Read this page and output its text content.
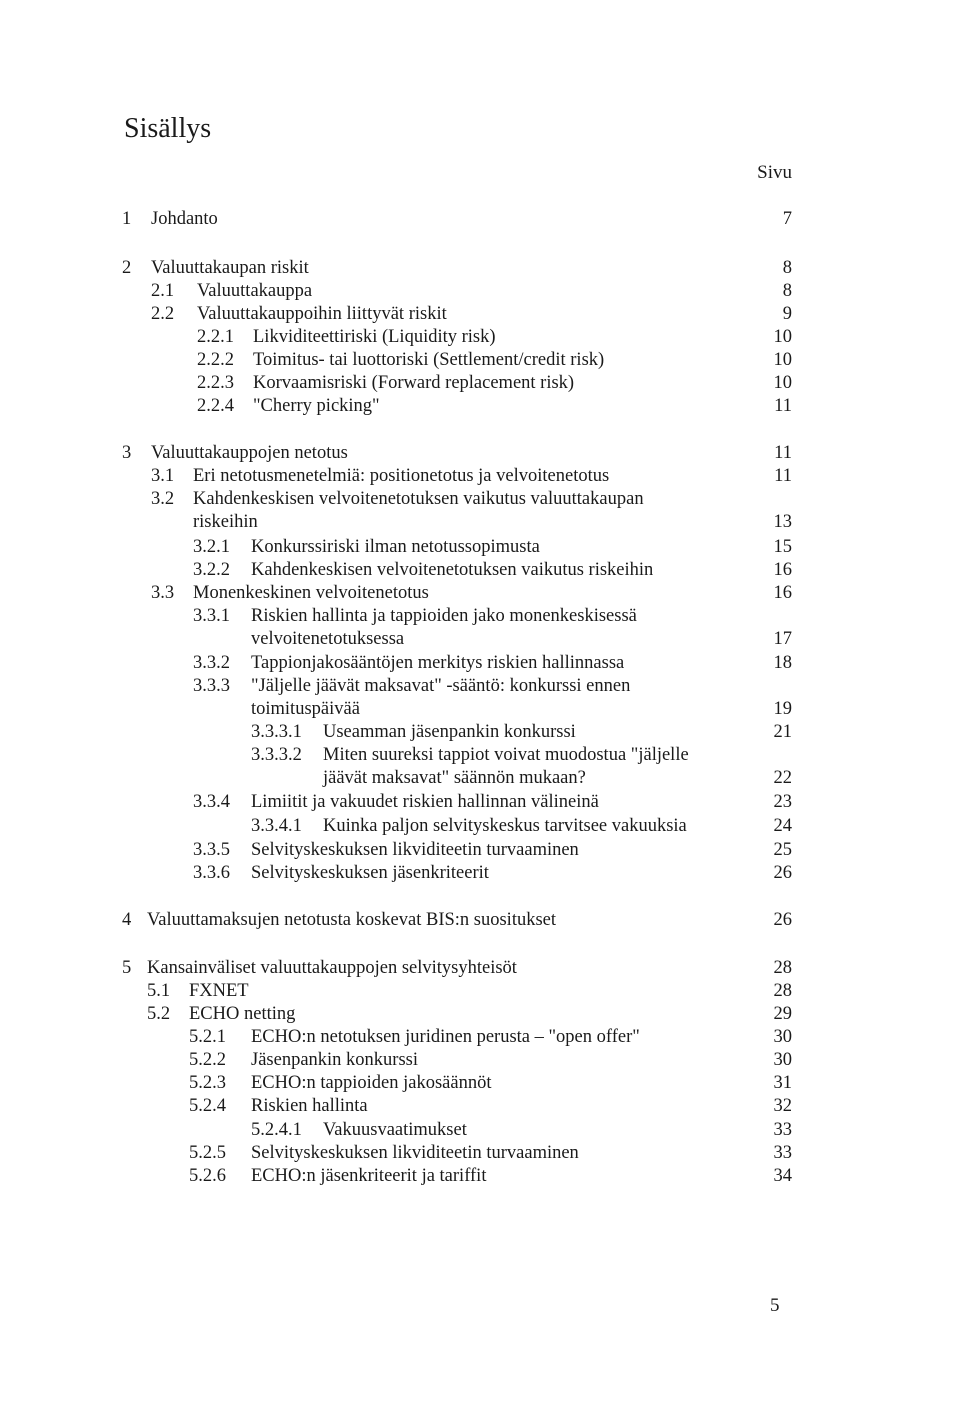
Sisällys
Sivu
1 Johdanto	7
2 Valuuttakaupan riskit	8
2.1 Valuuttakauppa	8
2.2 Valuuttakauppoihin liittyvät riskit	9
2.2.1 Likviditeettiriski (Liquidity risk)	10
2.2.2 Toimitus- tai luottoriski (Settlement/credit risk)	10
2.2.3 Korvaamisriski (Forward replacement risk)	10
2.2.4 "Cherry picking"	11
3 Valuuttakauppojen netotus	11
3.1 Eri netotusmenetelmiä: positionetotus ja velvoitenetotus	11
3.2 Kahdenkeskisen velvoitenetotuksen vaikutus valuuttakaupan
riskeihin	13
3.2.1 Konkurssiriski ilman netotussopimusta	15
3.2.2 Kahdenkeskisen velvoitenetotuksen vaikutus riskeihin	16
3.3 Monenkeskinen velvoitenetotus	16
3.3.1 Riskien hallinta ja tappioiden jako monenkeskisessä
velvoitenetotuksessa	17
3.3.2 Tappionjakosääntöjen merkitys riskien hallinnassa	18
3.3.3 "Jäljelle jäävät maksavat" -sääntö: konkurssi ennen
toimituspäivää	19
3.3.3.1 Useamman jäsenpankin konkurssi	21
3.3.3.2 Miten suureksi tappiot voivat muodostua "jäljelle
jäävät maksavat" säännön mukaan?	22
3.3.4 Limiitit ja vakuudet riskien hallinnan välineinä	23
3.3.4.1 Kuinka paljon selvityskeskus tarvitsee vakuuksia	24
3.3.5 Selvityskeskuksen likviditeetin turvaaminen	25
3.3.6 Selvityskeskuksen jäsenkriteerit	26
4 Valuuttamaksujen netotusta koskevat BIS:n suositukset	26
5 Kansainväliset valuuttakauppojen selvitysyhteisöt	28
5.1 FXNET	28
5.2 ECHO netting	29
5.2.1 ECHO:n netotuksen juridinen perusta – "open offer"	30
5.2.2 Jäsenpankin konkurssi	30
5.2.3 ECHO:n tappioiden jakosäännöt	31
5.2.4 Riskien hallinta	32
5.2.4.1 Vakuusvaatimukset	33
5.2.5 Selvityskeskuksen likviditeetin turvaaminen	33
5.2.6 ECHO:n jäsenkriteerit ja tariffit	34
5
